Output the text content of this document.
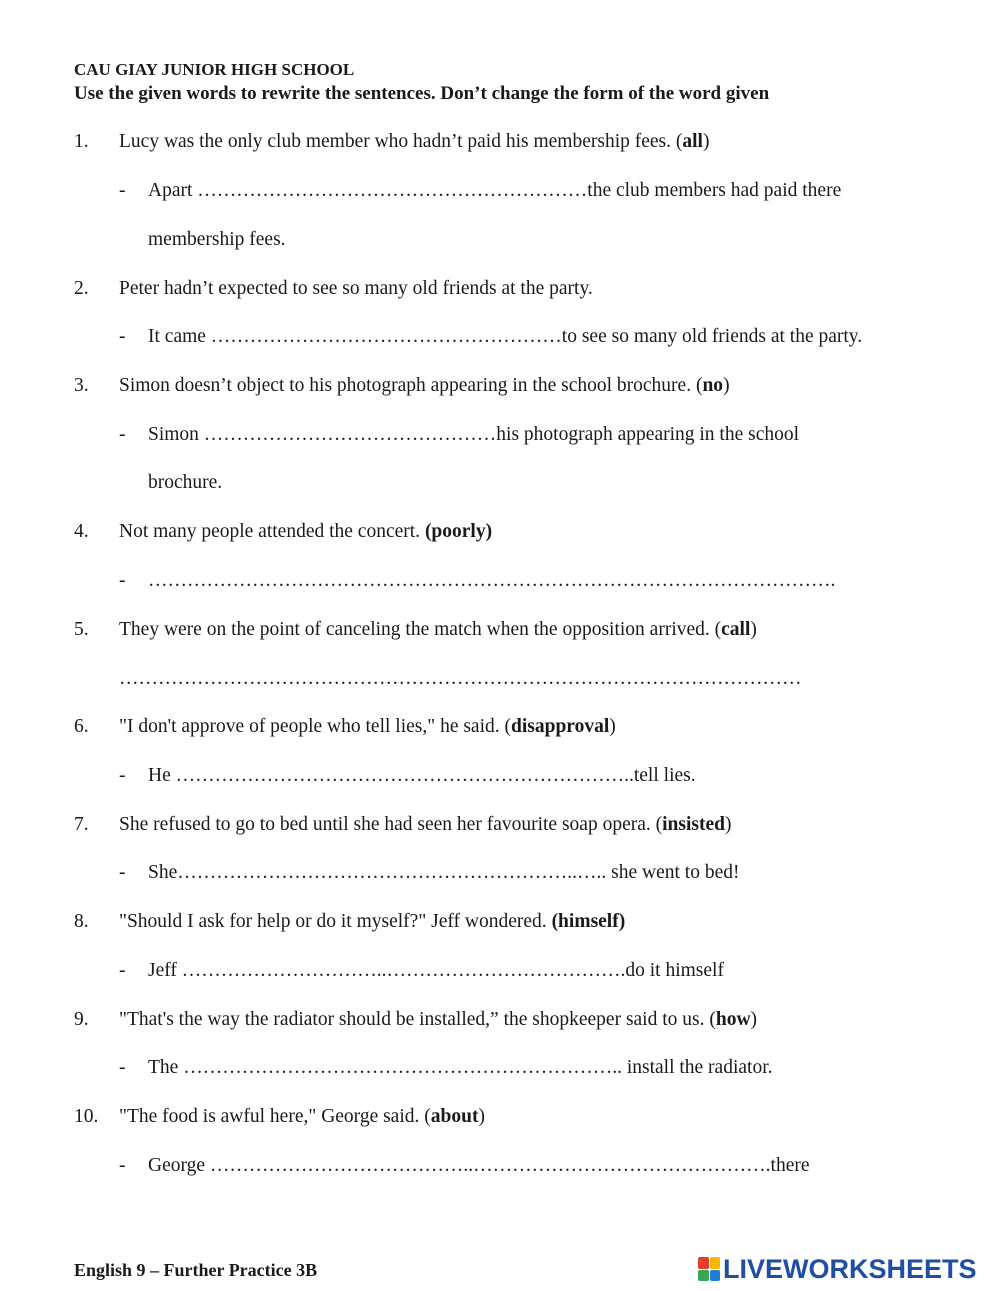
CAU GIAY JUNIOR HIGH SCHOOL
Use the given words to rewrite the sentences. Don’t change the form of the word given
1. Lucy was the only club member who hadn’t paid his membership fees. (all)
- Apart ……………………………………………………the club members had paid there
membership fees.
2. Peter hadn’t expected to see so many old friends at the party.
- It came ………………………………………………to see so many old friends at the party.
3. Simon doesn’t object to his photograph appearing in the school brochure. (no)
- Simon ………………………………………his photograph appearing in the school
brochure.
4. Not many people attended the concert. (poorly)
- …………………………………………………………………………………………….
5. They were on the point of canceling the match when the opposition arrived. (call)
……………………………………………………………………………………………
6. "I don't approve of people who tell lies," he said. (disapproval)
- He ……………………………………………………………..tell lies.
7. She refused to go to bed until she had seen her favourite soap opera. (insisted)
- She……………………………………………………..….. she went to bed!
8. "Should I ask for help or do it myself?" Jeff wondered. (himself)
- Jeff …………………………..……………………………….do it himself
9. "That's the way the radiator should be installed,” the shopkeeper said to us. (how)
- The ………………………………………………………….. install the radiator.
10. "The food is awful here," George said. (about)
- George …………………………………..……………………………………….there
English 9 – Further Practice 3B	LIVEWORKSHEETS
